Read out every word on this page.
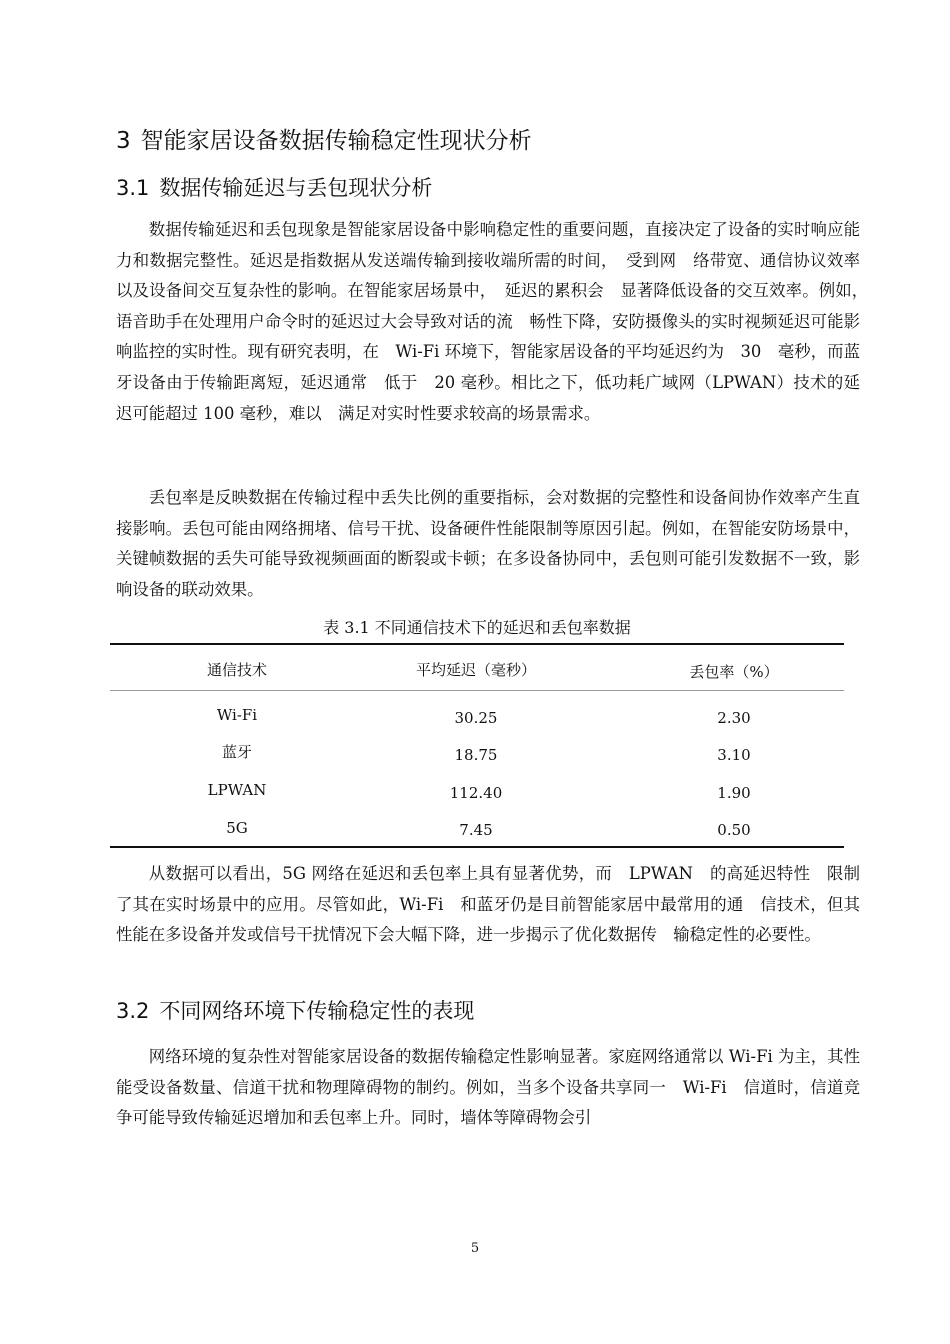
3 智能家居设备数据传输稳定性现状分析
3.1 数据传输延迟与丢包现状分析

数据传输延迟和丢包现象是智能家居设备中影响稳定性的重要问题，直接决定了设备的实时响应能力和数据完整性。延迟是指数据从发送端传输到接收端所需的时间，　受到网　络带宽、通信协议效率以及设备间交互复杂性的影响。在智能家居场景中，　延迟的累积会　显著降低设备的交互效率。例如，　语音助手在处理用户命令时的延迟过大会导致对话的流　畅性下降，安防摄像头的实时视频延迟可能影响监控的实时性。现有研究表明，在　Wi-Fi 环境下，智能家居设备的平均延迟约为　30　毫秒，而蓝牙设备由于传输距离短，延迟通常　低于　20 毫秒。相比之下，低功耗广域网（LPWAN）技术的延迟可能超过 100 毫秒，难以　满足对实时性要求较高的场景需求。

丢包率是反映数据在传输过程中丢失比例的重要指标，会对数据的完整性和设备间协作效率产生直接影响。丢包可能由网络拥堵、信号干扰、设备硬件性能限制等原因引起。例如，在智能安防场景中，关键帧数据的丢失可能导致视频画面的断裂或卡顿；在多设备协同中，丢包则可能引发数据不一致，影响设备的联动效果。

表 3.1 不同通信技术下的延迟和丢包率数据
通信技术	平均延迟（毫秒）	丢包率（%）
Wi-Fi	30.25	2.30
蓝牙	18.75	3.10
LPWAN	112.40	1.90
5G	7.45	0.50

从数据可以看出，5G 网络在延迟和丢包率上具有显著优势，而　LPWAN　的高延迟特性　限制了其在实时场景中的应用。尽管如此，Wi-Fi　和蓝牙仍是目前智能家居中最常用的通　信技术，但其性能在多设备并发或信号干扰情况下会大幅下降，进一步揭示了优化数据传　输稳定性的必要性。

3.2 不同网络环境下传输稳定性的表现

网络环境的复杂性对智能家居设备的数据传输稳定性影响显著。家庭网络通常以 Wi-Fi 为主，其性能受设备数量、信道干扰和物理障碍物的制约。例如，当多个设备共享同一　Wi-Fi　信道时，信道竞争可能导致传输延迟增加和丢包率上升。同时，墙体等障碍物会引

5
